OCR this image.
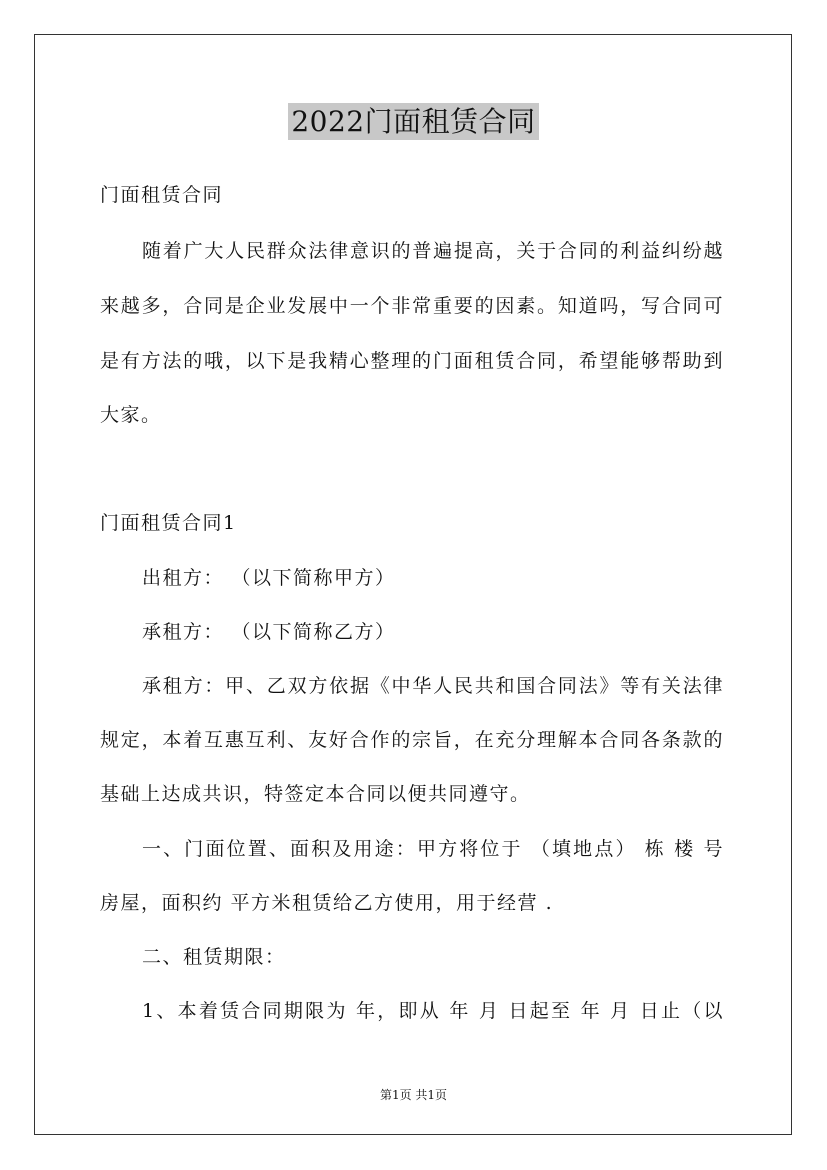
2022门面租赁合同
门面租赁合同
随着广大人民群众法律意识的普遍提高，关于合同的利益纠纷越
来越多，合同是企业发展中一个非常重要的因素。知道吗，写合同可
是有方法的哦，以下是我精心整理的门面租赁合同，希望能够帮助到
大家。
门面租赁合同1
出租方： （以下简称甲方）
承租方： （以下简称乙方）
承租方：甲、乙双方依据《中华人民共和国合同法》等有关法律
规定，本着互惠互利、友好合作的宗旨，在充分理解本合同各条款的
基础上达成共识，特签定本合同以便共同遵守。
一、门面位置、面积及用途：甲方将位于 （填地点） 栋 楼 号
房屋，面积约 平方米租赁给乙方使用，用于经营 .
二、租赁期限：
1、本着赁合同期限为 年，即从 年 月 日起至 年 月 日止（以
第1页 共1页
